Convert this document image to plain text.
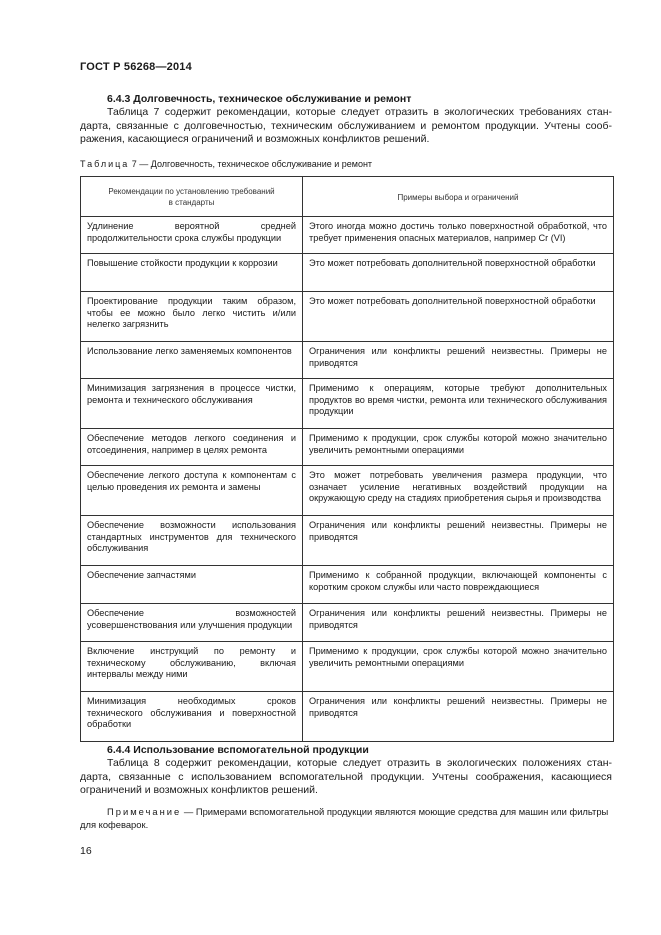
ГОСТ Р 56268—2014
6.4.3 Долговечность, техническое обслуживание и ремонт
Таблица 7 содержит рекомендации, которые следует отразить в экологических требованиях стан-
дарта, связанные с долговечностью, техническим обслуживанием и ремонтом продукции. Учтены сооб-
ражения, касающиеся ограничений и возможных конфликтов решений.
Таблица 7 — Долговечность, техническое обслуживание и ремонт
Рекомендации по установлению требований
в стандарты	Примеры выбора и ограничений
Удлинение вероятной средней продолжительности срока службы продукции	Этого иногда можно достичь только поверхностной обработкой, что требует применения опасных материалов, например Cr (VI)
Повышение стойкости продукции к коррозии	Это может потребовать дополнительной поверхностной обработки
Проектирование продукции таким образом, чтобы ее можно было легко чистить и/или нелегко загрязнить	Это может потребовать дополнительной поверхностной обработки
Использование легко заменяемых компонентов	Ограничения или конфликты решений неизвестны. Примеры не приводятся
Минимизация загрязнения в процессе чистки, ремонта и технического обслуживания	Применимо к операциям, которые требуют дополнительных продуктов во время чистки, ремонта или технического обслуживания продукции
Обеспечение методов легкого соединения и отсоединения, например в целях ремонта	Применимо к продукции, срок службы которой можно значительно увеличить ремонтными операциями
Обеспечение легкого доступа к компонентам с целью проведения их ремонта и замены	Это может потребовать увеличения размера продукции, что означает усиление негативных воздействий продукции на окружающую среду на стадиях приобретения сырья и производства
Обеспечение возможности использования стандартных инструментов для технического обслуживания	Ограничения или конфликты решений неизвестны. Примеры не приводятся
Обеспечение запчастями	Применимо к собранной продукции, включающей компоненты с коротким сроком службы или часто повреждающиеся
Обеспечение возможностей усовершенствования или улучшения продукции	Ограничения или конфликты решений неизвестны. Примеры не приводятся
Включение инструкций по ремонту и техническому обслуживанию, включая интервалы между ними	Применимо к продукции, срок службы которой можно значительно увеличить ремонтными операциями
Минимизация необходимых сроков технического обслуживания и поверхностной обработки	Ограничения или конфликты решений неизвестны. Примеры не приводятся
6.4.4 Использование вспомогательной продукции
Таблица 8 содержит рекомендации, которые следует отразить в экологических положениях стан-
дарта, связанные с использованием вспомогательной продукции. Учтены соображения, касающиеся
ограничений и возможных конфликтов решений.
Примечание — Примерами вспомогательной продукции являются моющие средства для машин или фильтры для кофеварок.
16
